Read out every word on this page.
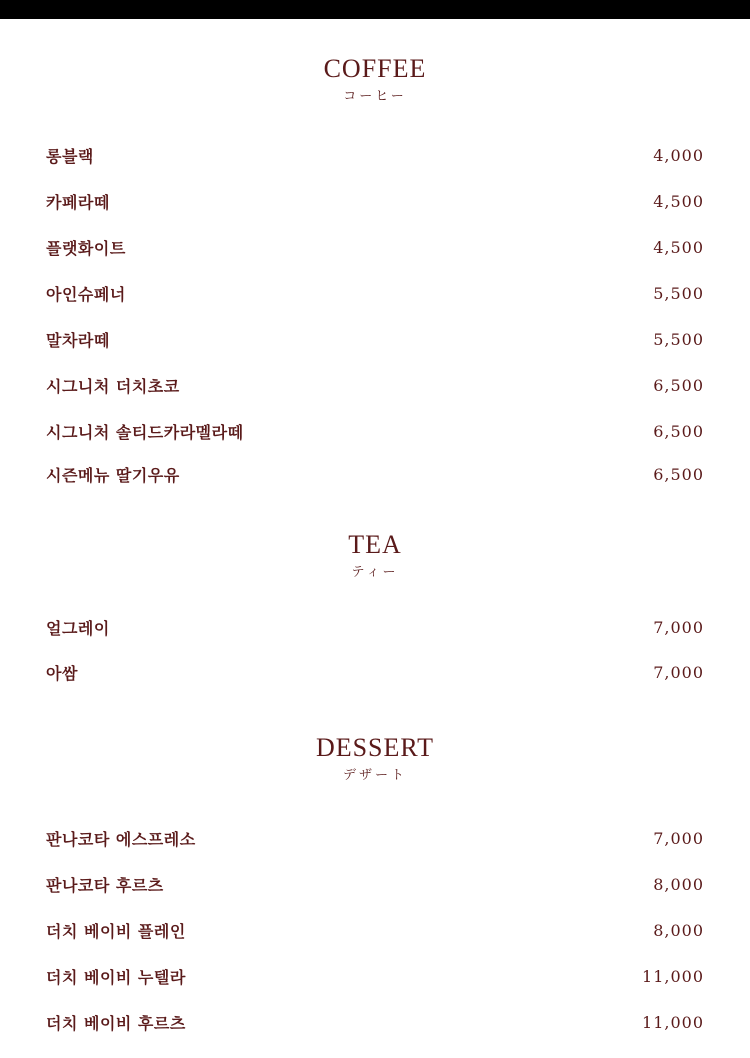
COFFEE
コーヒー
롱블랙	4,000
카페라떼	4,500
플랫화이트	4,500
아인슈페너	5,500
말차라떼	5,500
시그니처 더치초코	6,500
시그니처 솔티드카라멜라떼	6,500
시즌메뉴 딸기우유	6,500
TEA
ティー
얼그레이	7,000
아쌈	7,000
DESSERT
デザート
판나코타 에스프레소	7,000
판나코타 후르츠	8,000
더치 베이비 플레인	8,000
더치 베이비 누텔라	11,000
더치 베이비 후르츠	11,000
